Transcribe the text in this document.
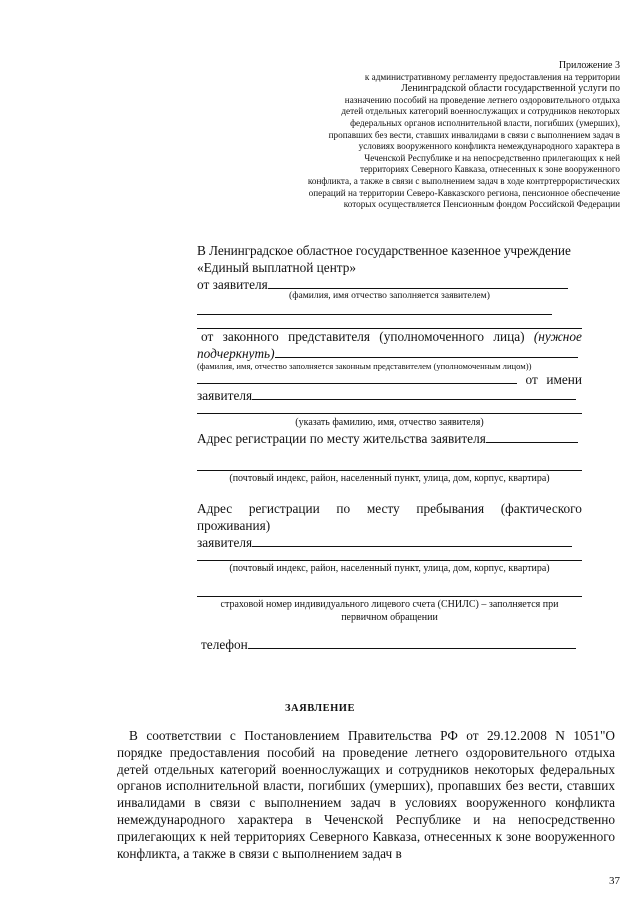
Приложение 3
к административному регламенту предоставления на территории
Ленинградской области государственной услуги по
назначению пособий на проведение летнего оздоровительного отдыха
детей отдельных категорий военнослужащих и сотрудников некоторых
федеральных органов исполнительной власти, погибших (умерших),
пропавших без вести, ставших инвалидами в связи с выполнением задач в
условиях вооруженного конфликта немеждународного характера в
Чеченской Республике и на непосредственно прилегающих к ней
территориях Северного Кавказа, отнесенных к зоне вооруженного
конфликта, а также в связи с выполнением задач в ходе контртеррористических
операций на территории Северо-Кавказского региона, пенсионное обеспечение
которых осуществляется Пенсионным фондом Российской Федерации
В Ленинградское областное государственное казенное учреждение
«Единый выплатной центр»
от заявителя
(фамилия, имя отчество заполняется заявителем)
от законного представителя (уполномоченного лица) (нужное
подчеркнуть)
(фамилия, имя, отчество заполняется законным представителем (уполномоченным лицом))
от имени
заявителя
(указать фамилию, имя, отчество заявителя)
Адрес регистрации по месту жительства заявителя
(почтовый индекс, район, населенный пункт, улица, дом, корпус, квартира)
Адрес регистрации по месту пребывания (фактического
проживания)
заявителя
(почтовый индекс, район, населенный пункт, улица, дом, корпус, квартира)
страховой номер индивидуального лицевого счета (СНИЛС) – заполняется при
первичном обращении
телефон
ЗАЯВЛЕНИЕ
В соответствии с Постановлением Правительства РФ от 29.12.2008 N 1051"О порядке предоставления пособий на проведение летнего оздоровительного отдыха детей отдельных категорий военнослужащих и сотрудников некоторых федеральных органов исполнительной власти, погибших (умерших), пропавших без вести, ставших инвалидами в связи с выполнением задач в условиях вооруженного конфликта немеждународного характера в Чеченской Республике и на непосредственно прилегающих к ней территориях Северного Кавказа, отнесенных к зоне вооруженного конфликта, а также в связи с выполнением задач в
37
